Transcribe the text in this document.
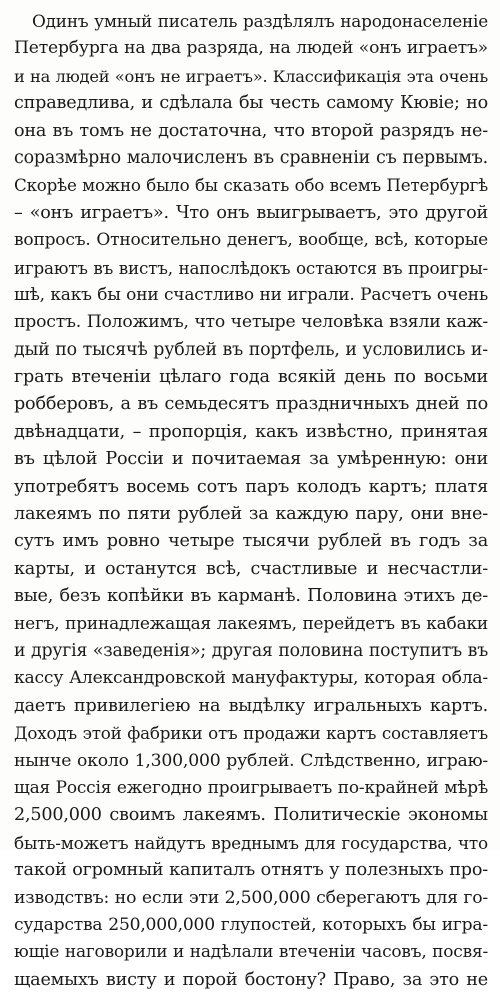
Одинъ умный писатель раздѣлялъ народонаселеніе
Петербурга на два разряда, на людей «онъ играетъ»
и на людей «онъ не играетъ». Классификація эта очень
справедлива, и сдѣлала бы честь самому Кювіе; но
она въ томъ не достаточна, что второй разрядъ не-
соразмѣрно малочисленъ въ сравненіи съ первымъ.
Скорѣе можно было бы сказать обо всемъ Петербургѣ
– «онъ играетъ». Что онъ выигрываетъ, это другой
вопросъ. Относительно денегъ, вообще, всѣ, которые
играютъ въ вистъ, напослѣдокъ остаются въ проигры-
шѣ, какъ бы они счастливо ни играли. Расчетъ очень
простъ. Положимъ, что четыре человѣка взяли каж-
дый по тысячѣ рублей въ портфель, и условились и-
грать втеченіи цѣлаго года всякій день по восьми
робберовъ, а въ семьдесятъ праздничныхъ дней по
двѣнадцати, – пропорція, какъ извѣстно, принятая
въ цѣлой Россіи и почитаемая за умѣренную: они
употребятъ восемь сотъ паръ колодъ картъ; платя
лакеямъ по пяти рублей за каждую пару, они вне-
сутъ имъ ровно четыре тысячи рублей въ годъ за
карты, и останутся всѣ, счастливые и несчастли-
вые, безъ копѣйки въ карманѣ. Половина этихъ де-
негъ, принадлежащая лакеямъ, перейдетъ въ кабаки
и другія «заведенія»; другая половина поступитъ въ
кассу Александровской мануфактуры, которая обла-
даетъ привилегіею на выдѣлку игральныхъ картъ.
Доходъ этой фабрики отъ продажи картъ составляетъ
нынче около 1,300,000 рублей. Слѣдственно, играю-
щая Россія ежегодно проигрываетъ по-крайней мѣрѣ
2,500,000 своимъ лакеямъ. Политическіе экономы
быть-можетъ найдутъ вреднымъ для государства, что
такой огромный капиталъ отнятъ у полезныхъ про-
изводствъ: но если эти 2,500,000 сберегаютъ для го-
сударства 250,000,000 глупостей, которыхъ бы игра-
ющіе наговорили и надѣлали втеченіи часовъ, посвя-
щаемыхъ висту и порой бостону? Право, за это не
